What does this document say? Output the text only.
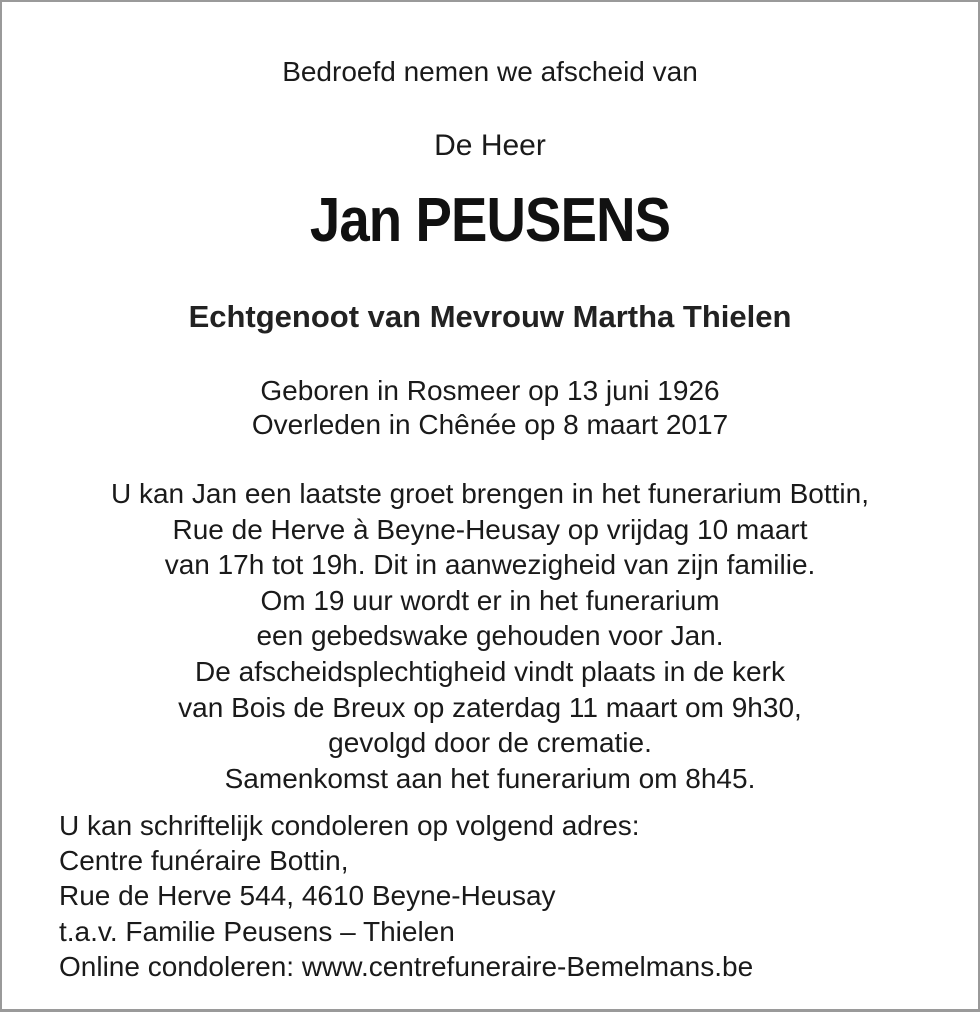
Bedroefd nemen we afscheid van
De Heer
Jan PEUSENS
Echtgenoot van Mevrouw Martha Thielen
Geboren in Rosmeer op 13 juni 1926
Overleden in Chênée op 8 maart 2017
U kan Jan een laatste groet brengen in het funerarium Bottin,
Rue de Herve à Beyne-Heusay op vrijdag 10 maart
van 17h tot 19h. Dit in aanwezigheid van zijn familie.
Om 19 uur wordt er in het funerarium
een gebedswake gehouden voor Jan.
De afscheidsplechtigheid vindt plaats in de kerk
van Bois de Breux op zaterdag 11 maart om 9h30,
gevolgd door de crematie.
Samenkomst aan het funerarium om 8h45.
U kan schriftelijk condoleren op volgend adres:
Centre funéraire Bottin,
Rue de Herve 544, 4610 Beyne-Heusay
t.a.v. Familie Peusens – Thielen
Online condoleren: www.centrefuneraire-Bemelmans.be
